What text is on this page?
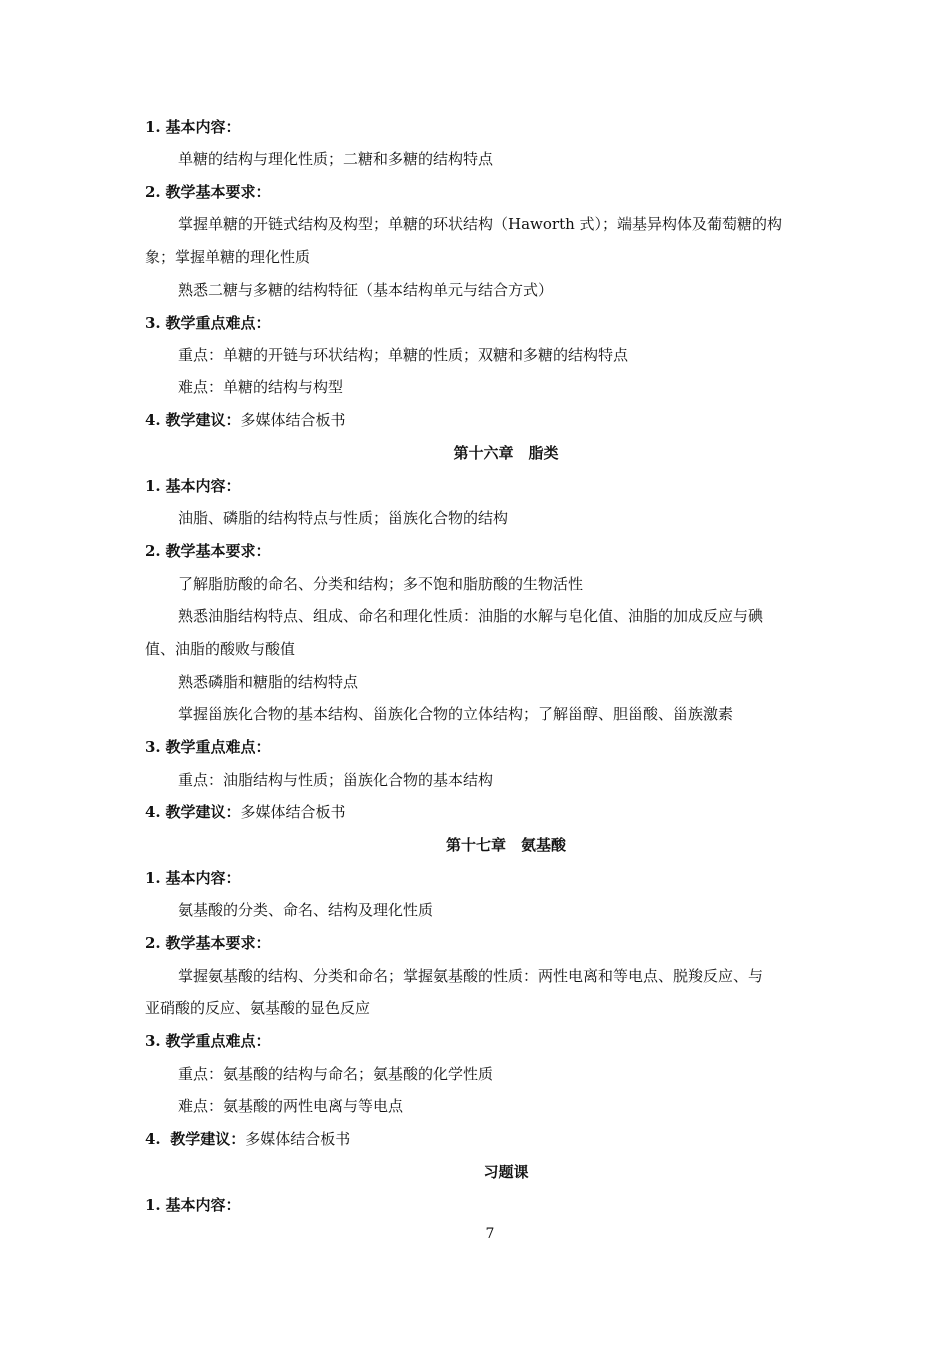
1. 基本内容：
单糖的结构与理化性质；二糖和多糖的结构特点
2. 教学基本要求：
掌握单糖的开链式结构及构型；单糖的环状结构（Haworth 式）；端基异构体及葡萄糖的构
象；掌握单糖的理化性质
熟悉二糖与多糖的结构特征（基本结构单元与结合方式）
3. 教学重点难点：
重点：单糖的开链与环状结构；单糖的性质；双糖和多糖的结构特点
难点：单糖的结构与构型
4. 教学建议：多媒体结合板书
第十六章　脂类
1. 基本内容：
油脂、磷脂的结构特点与性质；甾族化合物的结构
2. 教学基本要求：
了解脂肪酸的命名、分类和结构；多不饱和脂肪酸的生物活性
熟悉油脂结构特点、组成、命名和理化性质：油脂的水解与皂化值、油脂的加成反应与碘
值、油脂的酸败与酸值
熟悉磷脂和糖脂的结构特点
掌握甾族化合物的基本结构、甾族化合物的立体结构；了解甾醇、胆甾酸、甾族激素
3. 教学重点难点：
重点：油脂结构与性质；甾族化合物的基本结构
4. 教学建议：多媒体结合板书
第十七章　氨基酸
1. 基本内容：
氨基酸的分类、命名、结构及理化性质
2. 教学基本要求：
掌握氨基酸的结构、分类和命名；掌握氨基酸的性质：两性电离和等电点、脱羧反应、与
亚硝酸的反应、氨基酸的显色反应
3. 教学重点难点：
重点：氨基酸的结构与命名；氨基酸的化学性质
难点：氨基酸的两性电离与等电点
4. 教学建议：多媒体结合板书
习题课
1. 基本内容：
7
